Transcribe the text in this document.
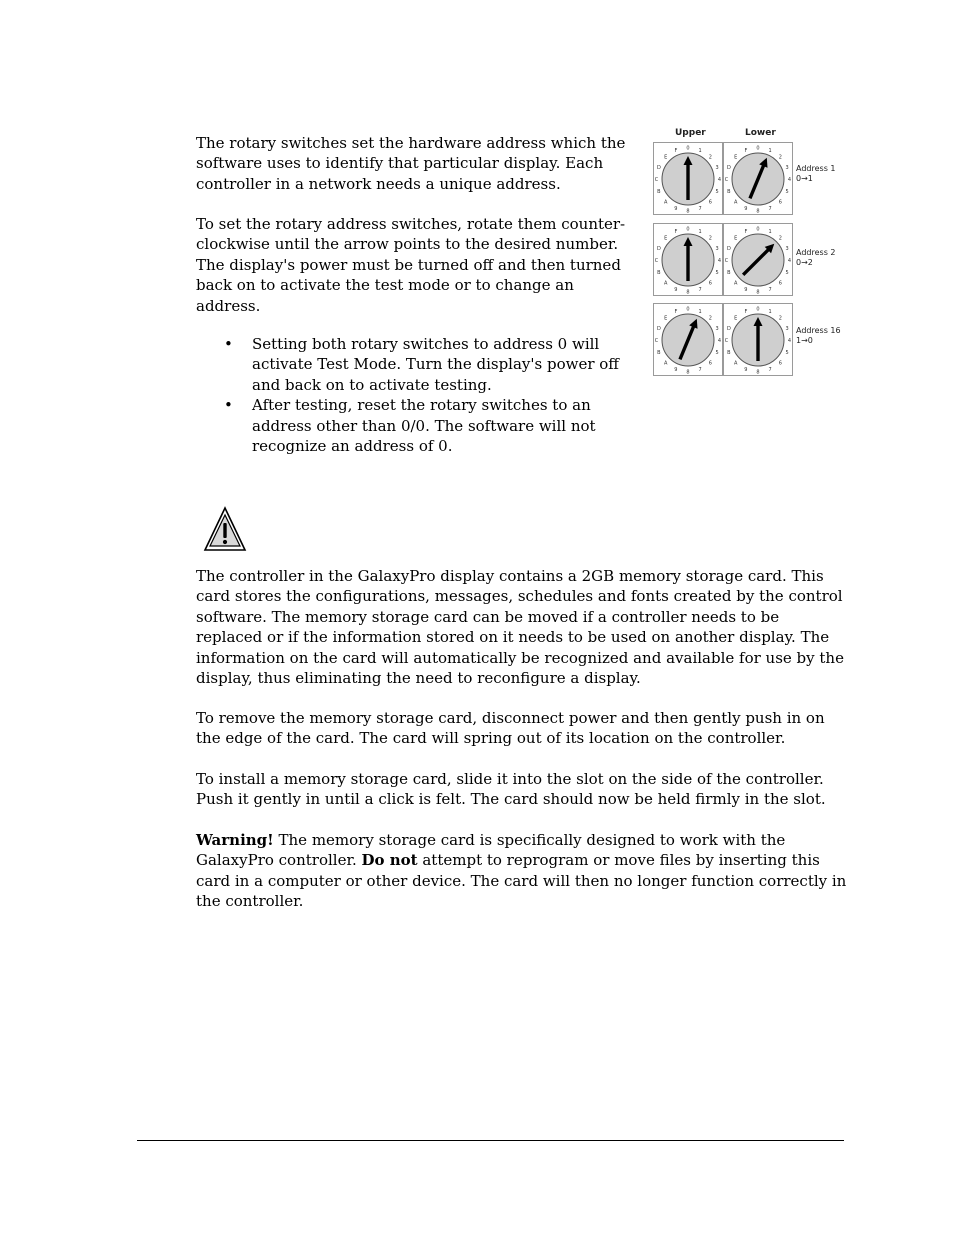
The rotary switches set the hardware address which the software uses to identify that particular display. Each controller in a network needs a unique address.

To set the rotary address switches, rotate them counter-clockwise until the arrow points to the desired number. The display's power must be turned off and then turned back on to activate the test mode or to change an address.

• Setting both rotary switches to address 0 will activate Test Mode. Turn the display's power off and back on to activate testing.
• After testing, reset the rotary switches to an address other than 0/0. The software will not recognize an address of 0.
Upper	Lower
0 1
2
3
4
5
6
7
8
9
A
B
C
D
E
F	0 1
2
3
4
5
6
7
8
9
A
B
C
D
E
F
Address 1
0→1
0 1
2
3
4
5
6
7
8
9
A
B
C
D
E
F	0 1
2
3
4
5
6
7
8
9
A
B
C
D
E
F
Address 2
0→2
0 1
2
3
4
5
6
7
8
9
A
B
C
D
E
F	0 1
2
3
4
5
6
7
8
9
A
B
C
D
E
F
Address 16
1→0

The controller in the GalaxyPro display contains a 2GB memory storage card. This card stores the configurations, messages, schedules and fonts created by the control software. The memory storage card can be moved if a controller needs to be replaced or if the information stored on it needs to be used on another display. The information on the card will automatically be recognized and available for use by the display, thus eliminating the need to reconfigure a display.

To remove the memory storage card, disconnect power and then gently push in on the edge of the card. The card will spring out of its location on the controller.

To install a memory storage card, slide it into the slot on the side of the controller. Push it gently in until a click is felt. The card should now be held firmly in the slot.

Warning! The memory storage card is specifically designed to work with the GalaxyPro controller. Do not attempt to reprogram or move files by inserting this card in a computer or other device. The card will then no longer function correctly in the controller.
